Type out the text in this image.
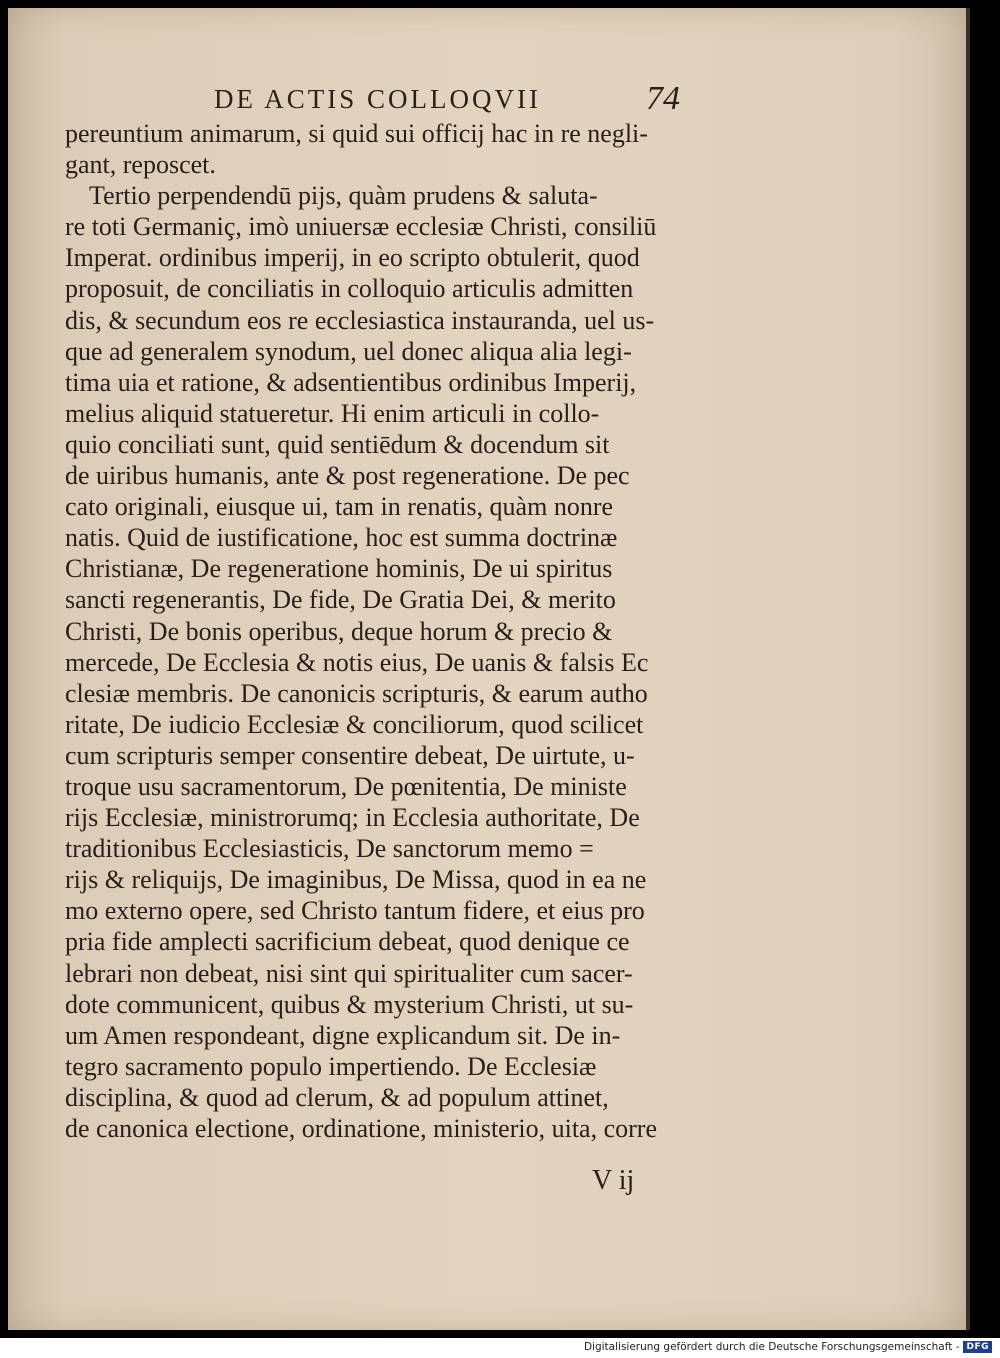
DE ACTIS COLLOQVII	74
pereuntium animarum, si quid sui officij hac in re negli-
gant, reposcet.
Tertio perpendendū pijs, quàm prudens & saluta-
re toti Germaniç, imò uniuersæ ecclesiæ Christi, consiliū
Imperat. ordinibus imperij, in eo scripto obtulerit, quod
proposuit, de conciliatis in colloquio articulis admitten
dis, & secundum eos re ecclesiastica instauranda, uel us-
que ad generalem synodum, uel donec aliqua alia legi-
tima uia et ratione, & adsentientibus ordinibus Imperij,
melius aliquid statueretur. Hi enim articuli in collo-
quio conciliati sunt, quid sentiēdum & docendum sit
de uiribus humanis, ante & post regeneratione. De pec
cato originali, eiusque ui, tam in renatis, quàm nonre
natis. Quid de iustificatione, hoc est summa doctrinæ
Christianæ, De regeneratione hominis, De ui spiritus
sancti regenerantis, De fide, De Gratia Dei, & merito
Christi, De bonis operibus, deque horum & precio &
mercede, De Ecclesia & notis eius, De uanis & falsis Ec
clesiæ membris. De canonicis scripturis, & earum autho
ritate, De iudicio Ecclesiæ & conciliorum, quod scilicet
cum scripturis semper consentire debeat, De uirtute, u-
troque usu sacramentorum, De pœnitentia, De ministe
rijs Ecclesiæ, ministrorumq; in Ecclesia authoritate, De
traditionibus Ecclesiasticis, De sanctorum memo =
rijs & reliquijs, De imaginibus, De Missa, quod in ea ne
mo externo opere, sed Christo tantum fidere, et eius pro
pria fide amplecti sacrificium debeat, quod denique ce
lebrari non debeat, nisi sint qui spiritualiter cum sacer-
dote communicent, quibus & mysterium Christi, ut su-
um Amen respondeant, digne explicandum sit. De in-
tegro sacramento populo impertiendo. De Ecclesiæ
disciplina, & quod ad clerum, & ad populum attinet,
de canonica electione, ordinatione, ministerio, uita, corre
V ij
Digitalisierung gefördert durch die Deutsche Forschungsgemeinschaft - DFG
